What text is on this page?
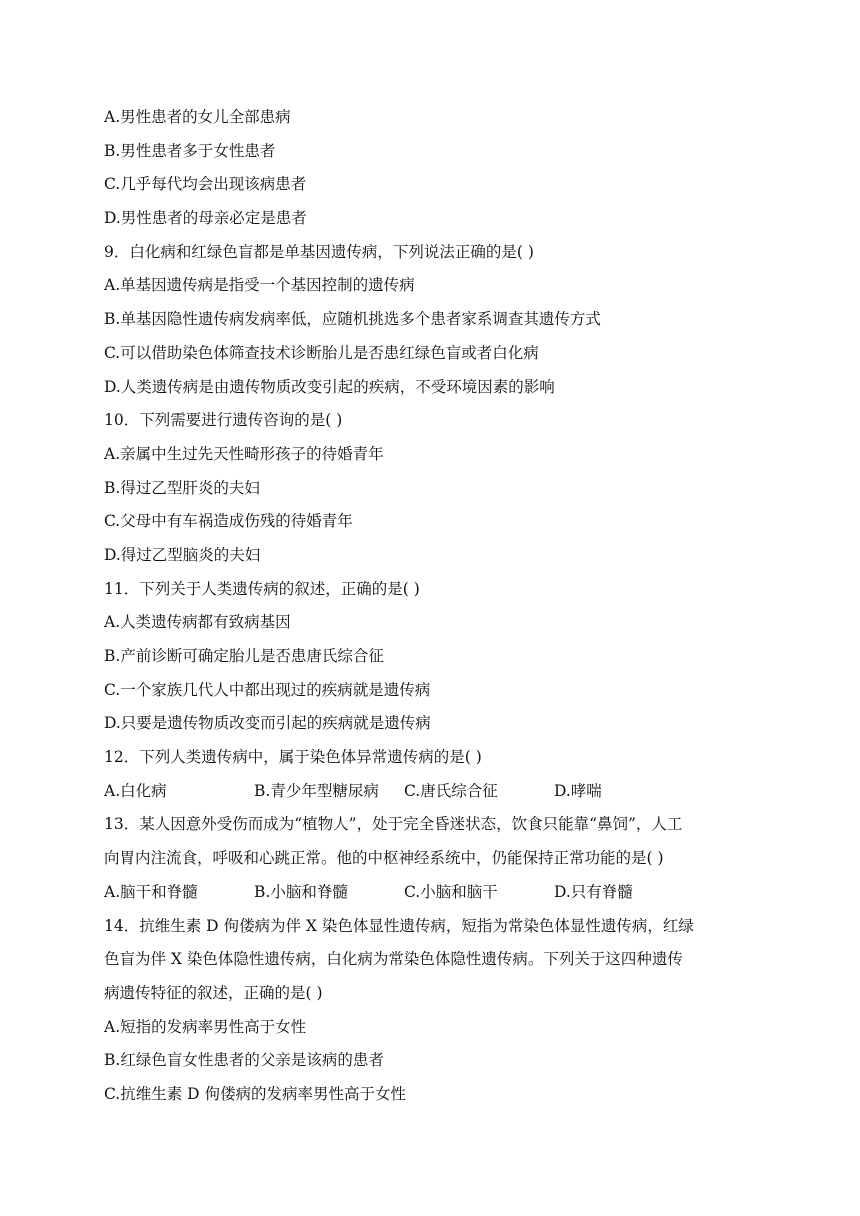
A.男性患者的女儿全部患病
B.男性患者多于女性患者
C.几乎每代均会出现该病患者
D.男性患者的母亲必定是患者
9．白化病和红绿色盲都是单基因遗传病，下列说法正确的是( )
A.单基因遗传病是指受一个基因控制的遗传病
B.单基因隐性遗传病发病率低，应随机挑选多个患者家系调查其遗传方式
C.可以借助染色体筛查技术诊断胎儿是否患红绿色盲或者白化病
D.人类遗传病是由遗传物质改变引起的疾病，不受环境因素的影响
10．下列需要进行遗传咨询的是( )
A.亲属中生过先天性畸形孩子的待婚青年
B.得过乙型肝炎的夫妇
C.父母中有车祸造成伤残的待婚青年
D.得过乙型脑炎的夫妇
11．下列关于人类遗传病的叙述，正确的是( )
A.人类遗传病都有致病基因
B.产前诊断可确定胎儿是否患唐氏综合征
C.一个家族几代人中都出现过的疾病就是遗传病
D.只要是遗传物质改变而引起的疾病就是遗传病
12．下列人类遗传病中，属于染色体异常遗传病的是( )
A.白化病	B.青少年型糖尿病	C.唐氏综合征	D.哮喘
13．某人因意外受伤而成为“植物人”，处于完全昏迷状态，饮食只能靠“鼻饲”，人工
向胃内注流食，呼吸和心跳正常。他的中枢神经系统中，仍能保持正常功能的是( )
A.脑干和脊髓	B.小脑和脊髓	C.小脑和脑干	D.只有脊髓
14．抗维生素 D 佝偻病为伴 X 染色体显性遗传病，短指为常染色体显性遗传病，红绿
色盲为伴 X 染色体隐性遗传病，白化病为常染色体隐性遗传病。下列关于这四种遗传
病遗传特征的叙述，正确的是( )
A.短指的发病率男性高于女性
B.红绿色盲女性患者的父亲是该病的患者
C.抗维生素 D 佝偻病的发病率男性高于女性
